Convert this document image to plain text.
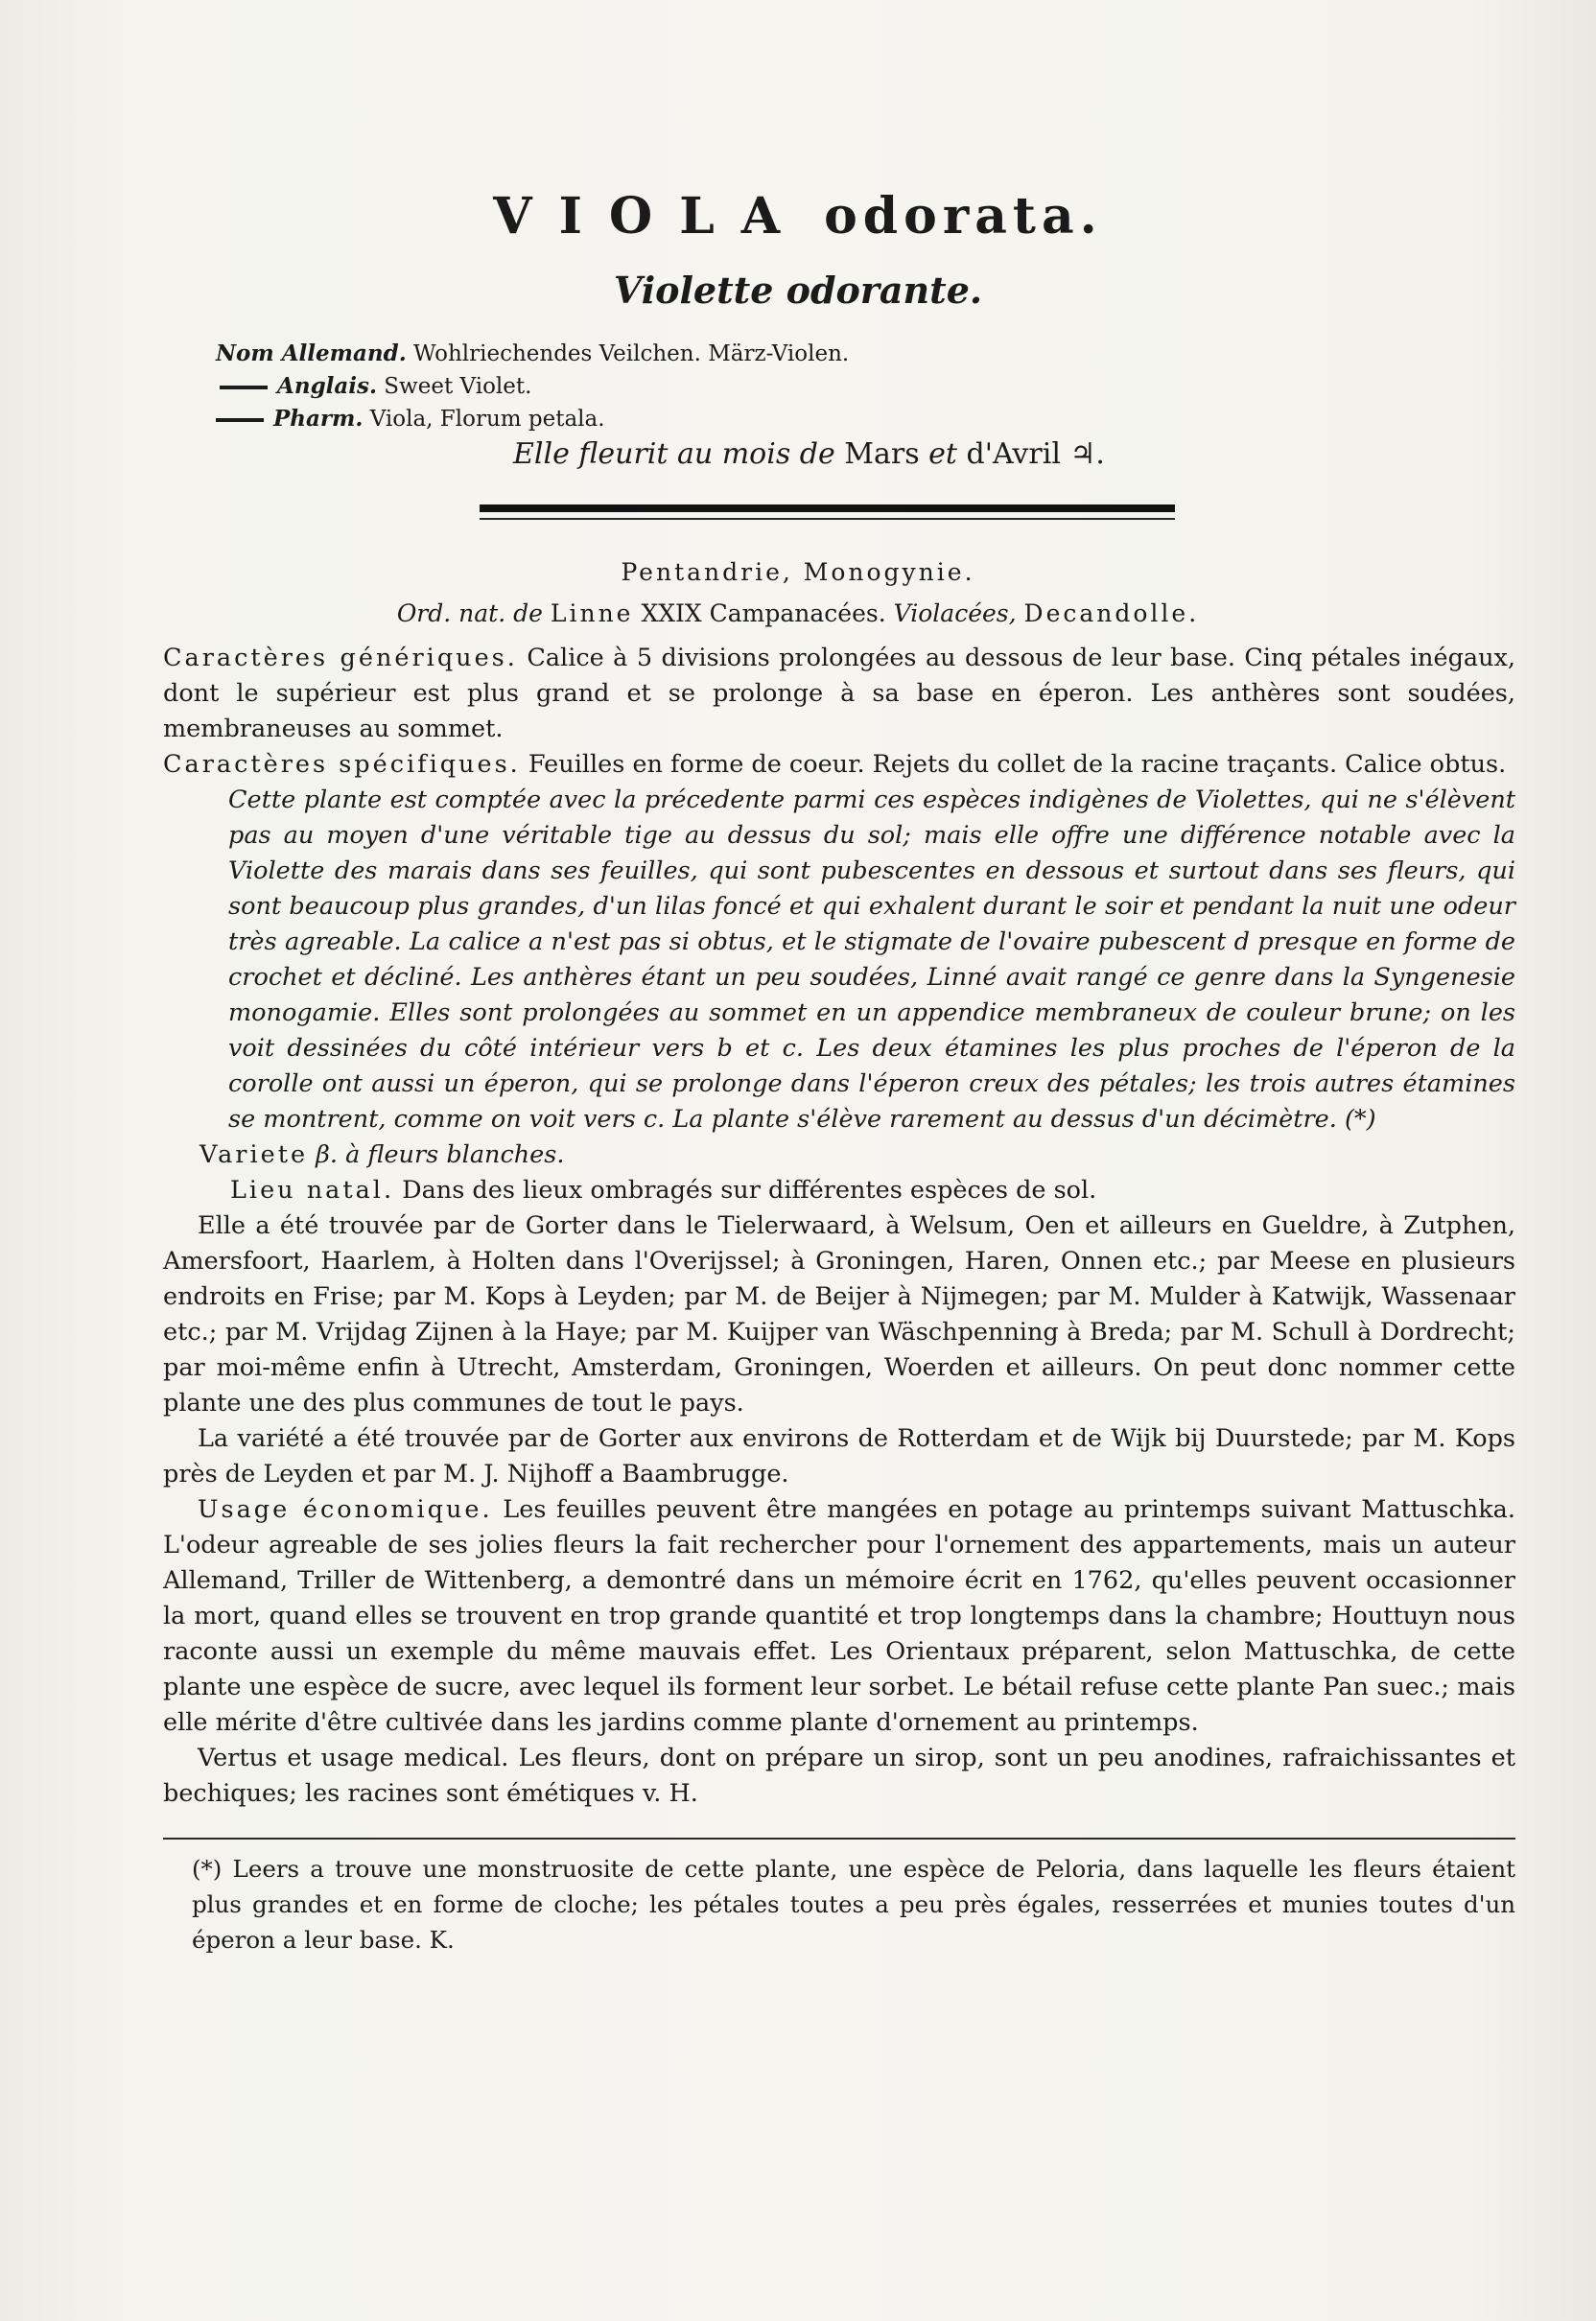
VIOLA odorata.
Violette odorante.
Nom Allemand. Wohlriechendes Veilchen. März-Violen.
Anglais. Sweet Violet.
Pharm. Viola, Florum petala.
Elle fleurit au mois de Mars et d'Avril ♃.
Pentandrie, Monogynie.
Ord. nat. de Linne XXIX Campanacées. Violacées, Decandolle.

Caractères génériques. Calice à 5 divisions prolongées au dessous de leur base. Cinq pétales inégaux, dont le supérieur est plus grand et se prolonge à sa base en éperon. Les anthères sont soudées, membraneuses au sommet.

Caractères spécifiques. Feuilles en forme de coeur. Rejets du collet de la racine traçants. Calice obtus.

Cette plante est comptée avec la précedente parmi ces espèces indigènes de Violettes, qui ne s'élèvent pas au moyen d'une véritable tige au dessus du sol; mais elle offre une différence notable avec la Violette des marais dans ses feuilles, qui sont pubescentes en dessous et surtout dans ses fleurs, qui sont beaucoup plus grandes, d'un lilas foncé et qui exhalent durant le soir et pendant la nuit une odeur très agreable. La calice a n'est pas si obtus, et le stigmate de l'ovaire pubescent d presque en forme de crochet et décliné. Les anthères étant un peu soudées, Linné avait rangé ce genre dans la Syngenesie monogamie. Elles sont prolongées au sommet en un appendice membraneux de couleur brune; on les voit dessinées du côté intérieur vers b et c. Les deux étamines les plus proches de l'éperon de la corolle ont aussi un éperon, qui se prolonge dans l'éperon creux des pétales; les trois autres étamines se montrent, comme on voit vers c. La plante s'élève rarement au dessus d'un décimètre. (*)

Variete β. à fleurs blanches.

Lieu natal. Dans des lieux ombragés sur différentes espèces de sol.

Elle a été trouvée par de Gorter dans le Tielerwaard, à Welsum, Oen et ailleurs en Gueldre, à Zutphen, Amersfoort, Haarlem, à Holten dans l'Overijssel; à Groningen, Haren, Onnen etc.; par Meese en plusieurs endroits en Frise; par M. Kops à Leyden; par M. de Beijer à Nijmegen; par M. Mulder à Katwijk, Wassenaar etc.; par M. Vrijdag Zijnen à la Haye; par M. Kuijper van Wäschpenning à Breda; par M. Schull à Dordrecht; par moi-même enfin à Utrecht, Amsterdam, Groningen, Woerden et ailleurs. On peut donc nommer cette plante une des plus communes de tout le pays.

La variété a été trouvée par de Gorter aux environs de Rotterdam et de Wijk bij Duurstede; par M. Kops près de Leyden et par M. J. Nijhoff a Baambrugge.

Usage économique. Les feuilles peuvent être mangées en potage au printemps suivant Mattuschka. L'odeur agreable de ses jolies fleurs la fait rechercher pour l'ornement des appartements, mais un auteur Allemand, Triller de Wittenberg, a demontré dans un mémoire écrit en 1762, qu'elles peuvent occasionner la mort, quand elles se trouvent en trop grande quantité et trop longtemps dans la chambre; Houttuyn nous raconte aussi un exemple du même mauvais effet. Les Orientaux préparent, selon Mattuschka, de cette plante une espèce de sucre, avec lequel ils forment leur sorbet. Le bétail refuse cette plante Pan suec.; mais elle mérite d'être cultivée dans les jardins comme plante d'ornement au printemps.

Vertus et usage medical. Les fleurs, dont on prépare un sirop, sont un peu anodines, rafraichissantes et bechiques; les racines sont émétiques v. H.

(*) Leers a trouve une monstruosite de cette plante, une espèce de Peloria, dans laquelle les fleurs étaient plus grandes et en forme de cloche; les pétales toutes a peu près égales, resserrées et munies toutes d'un éperon a leur base. K.
